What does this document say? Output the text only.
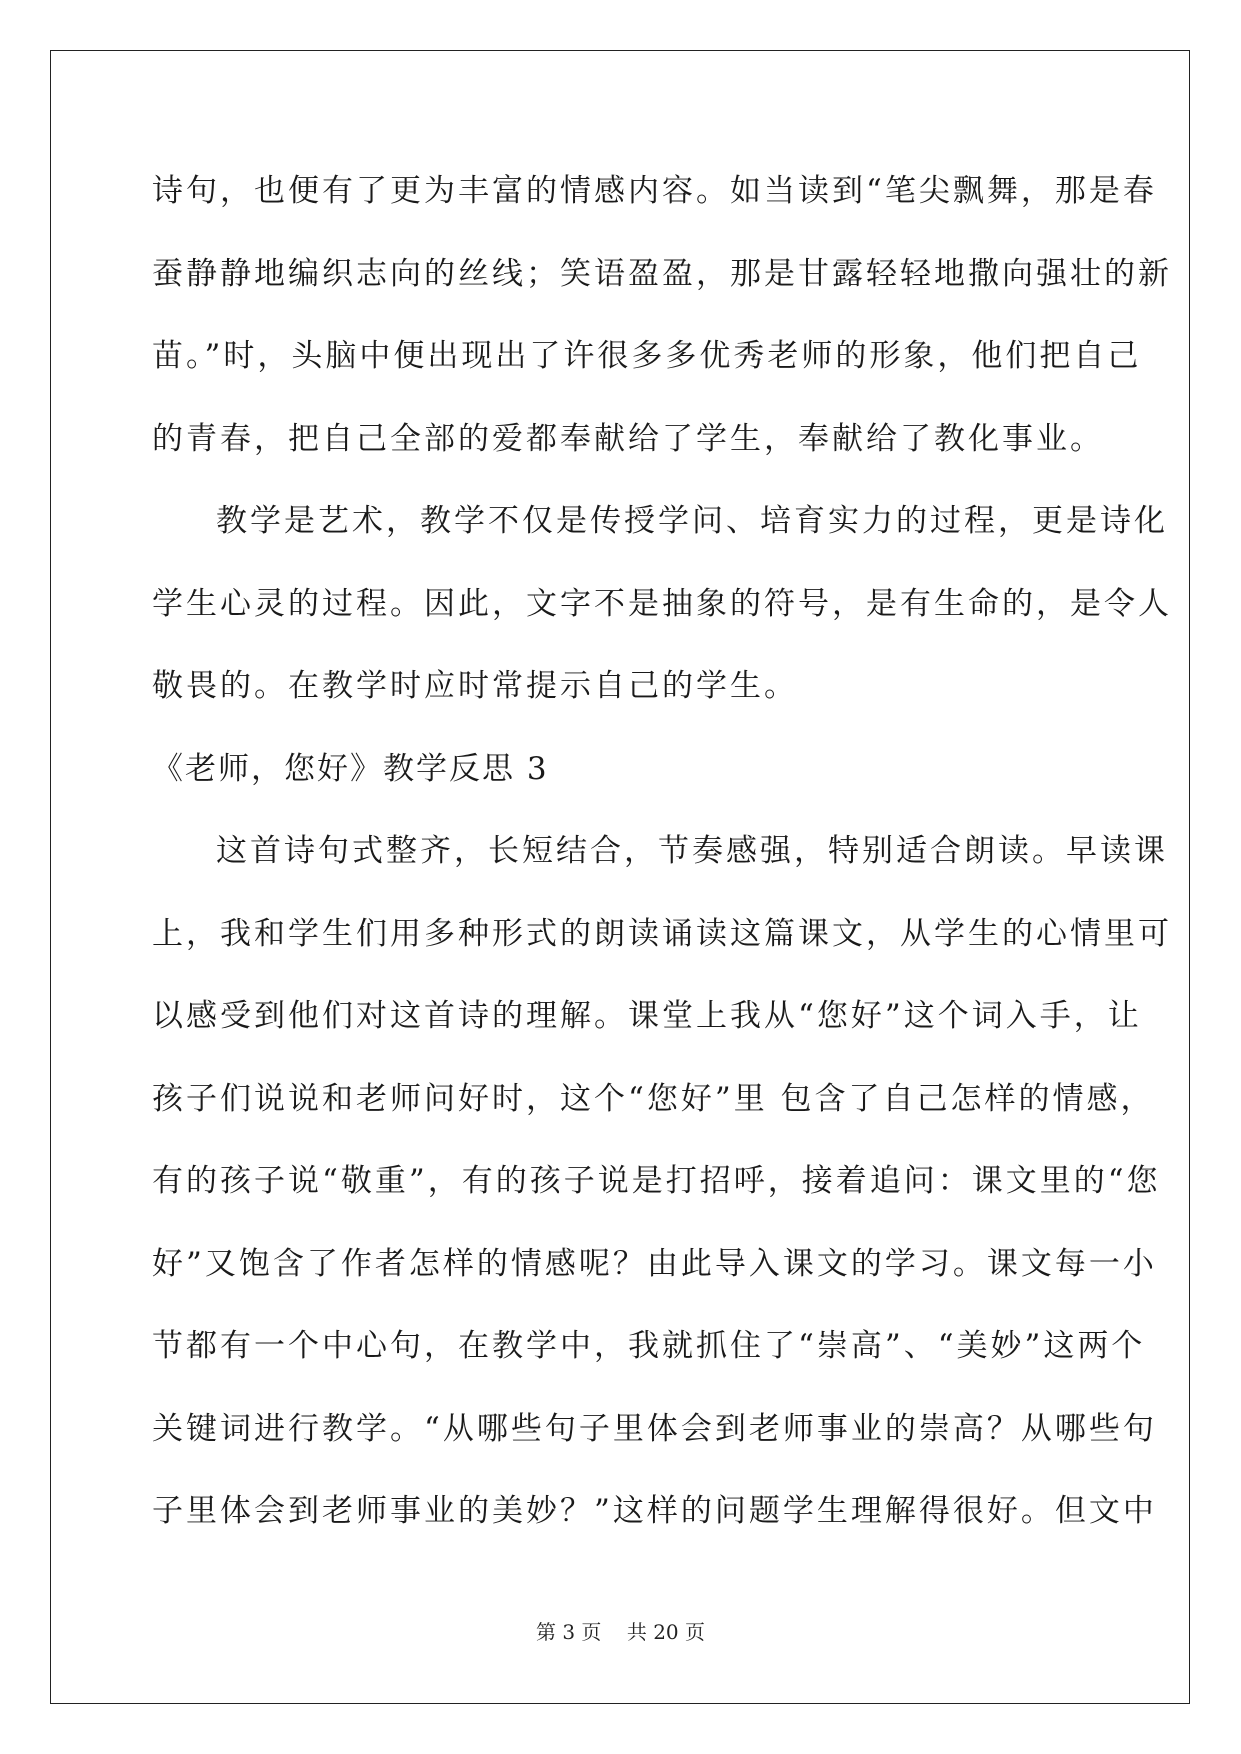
诗句，也便有了更为丰富的情感内容。如当读到“笔尖飘舞，那是春
蚕静静地编织志向的丝线；笑语盈盈，那是甘露轻轻地撒向强壮的新
苗。”时，头脑中便出现出了许很多多优秀老师的形象，他们把自己
的青春，把自己全部的爱都奉献给了学生，奉献给了教化事业。
教学是艺术，教学不仅是传授学问、培育实力的过程，更是诗化
学生心灵的过程。因此，文字不是抽象的符号，是有生命的，是令人
敬畏的。在教学时应时常提示自己的学生。
《老师，您好》教学反思 3
这首诗句式整齐，长短结合，节奏感强，特别适合朗读。早读课
上，我和学生们用多种形式的朗读诵读这篇课文，从学生的心情里可
以感受到他们对这首诗的理解。课堂上我从“您好”这个词入手，让
孩子们说说和老师问好时，这个“您好”里 包含了自己怎样的情感，
有的孩子说“敬重”，有的孩子说是打招呼，接着追问：课文里的“您
好”又饱含了作者怎样的情感呢？由此导入课文的学习。课文每一小
节都有一个中心句，在教学中，我就抓住了“崇高”、“美妙”这两个
关键词进行教学。“从哪些句子里体会到老师事业的崇高？从哪些句
子里体会到老师事业的美妙？”这样的问题学生理解得很好。但文中
第 3 页    共 20 页
